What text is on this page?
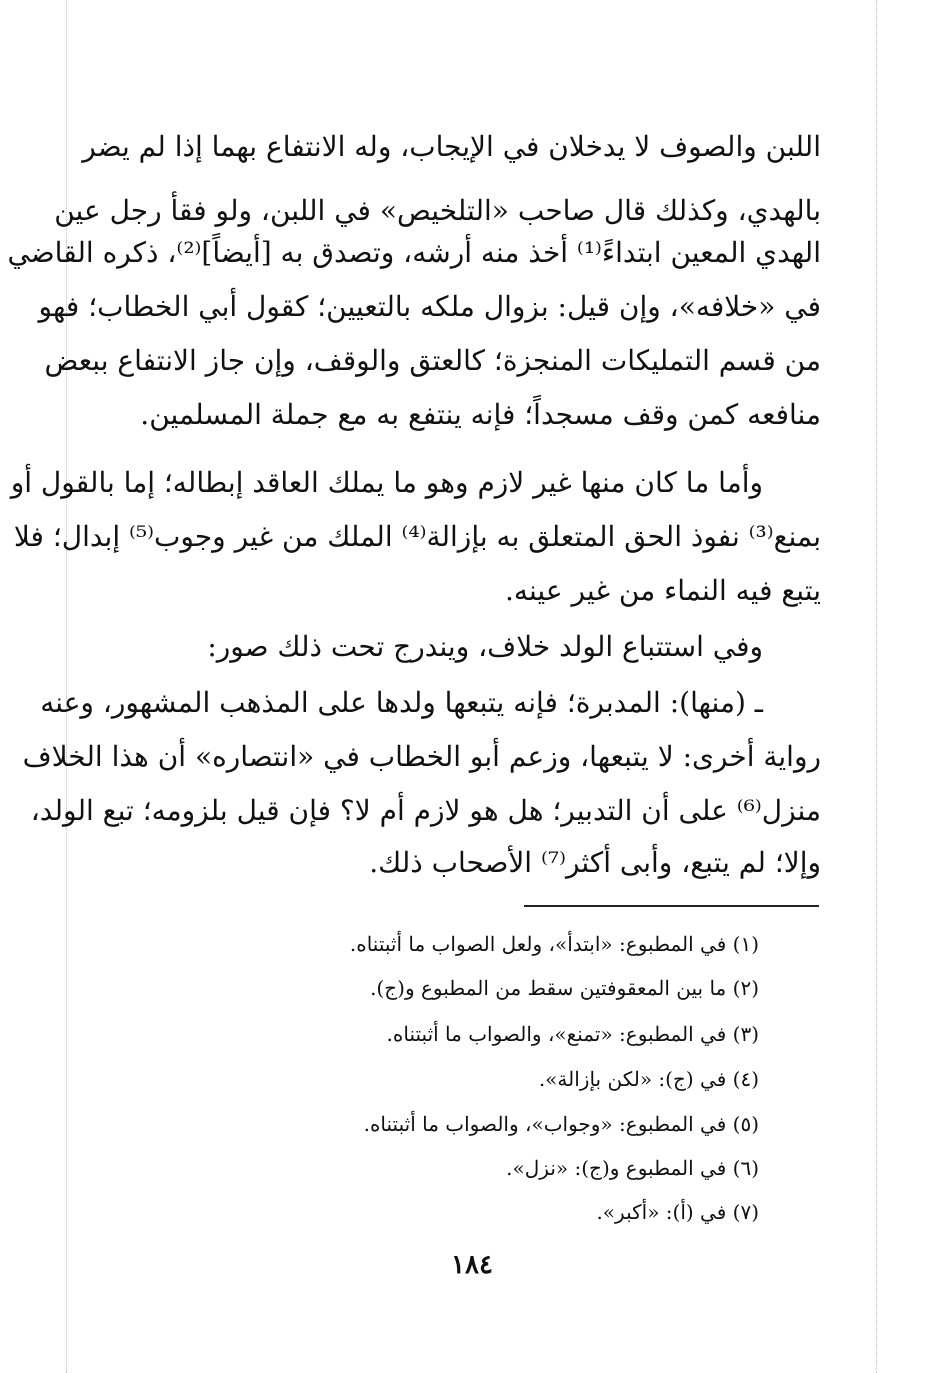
اللبن والصوف لا يدخلان في الإيجاب، وله الانتفاع بهما إذا لم يضر
بالهدي، وكذلك قال صاحب «التلخيص» في اللبن، ولو فقأ رجل عين
الهدي المعين ابتداءً⁽¹⁾ أخذ منه أرشه، وتصدق به [أيضاً]⁽²⁾، ذكره القاضي
في «خلافه»، وإن قيل: بزوال ملكه بالتعيين؛ كقول أبي الخطاب؛ فهو
من قسم التمليكات المنجزة؛ كالعتق والوقف، وإن جاز الانتفاع ببعض
منافعه كمن وقف مسجداً؛ فإنه ينتفع به مع جملة المسلمين.
وأما ما كان منها غير لازم وهو ما يملك العاقد إبطاله؛ إما بالقول أو
بمنع⁽³⁾ نفوذ الحق المتعلق به بإزالة⁽⁴⁾ الملك من غير وجوب⁽⁵⁾ إبدال؛ فلا
يتبع فيه النماء من غير عينه.
وفي استتباع الولد خلاف، ويندرج تحت ذلك صور:
ـ (منها): المدبرة؛ فإنه يتبعها ولدها على المذهب المشهور، وعنه
رواية أخرى: لا يتبعها، وزعم أبو الخطاب في «انتصاره» أن هذا الخلاف
منزل⁽⁶⁾ على أن التدبير؛ هل هو لازم أم لا؟ فإن قيل بلزومه؛ تبع الولد،
وإلا؛ لم يتبع، وأبى أكثر⁽⁷⁾ الأصحاب ذلك.
(١) في المطبوع: «ابتدأ»، ولعل الصواب ما أثبتناه.
(٢) ما بين المعقوفتين سقط من المطبوع و(ج).
(٣) في المطبوع: «تمنع»، والصواب ما أثبتناه.
(٤) في (ج): «لكن بإزالة».
(٥) في المطبوع: «وجواب»، والصواب ما أثبتناه.
(٦) في المطبوع و(ج): «نزل».
(٧) في (أ): «أكبر».
١٨٤
